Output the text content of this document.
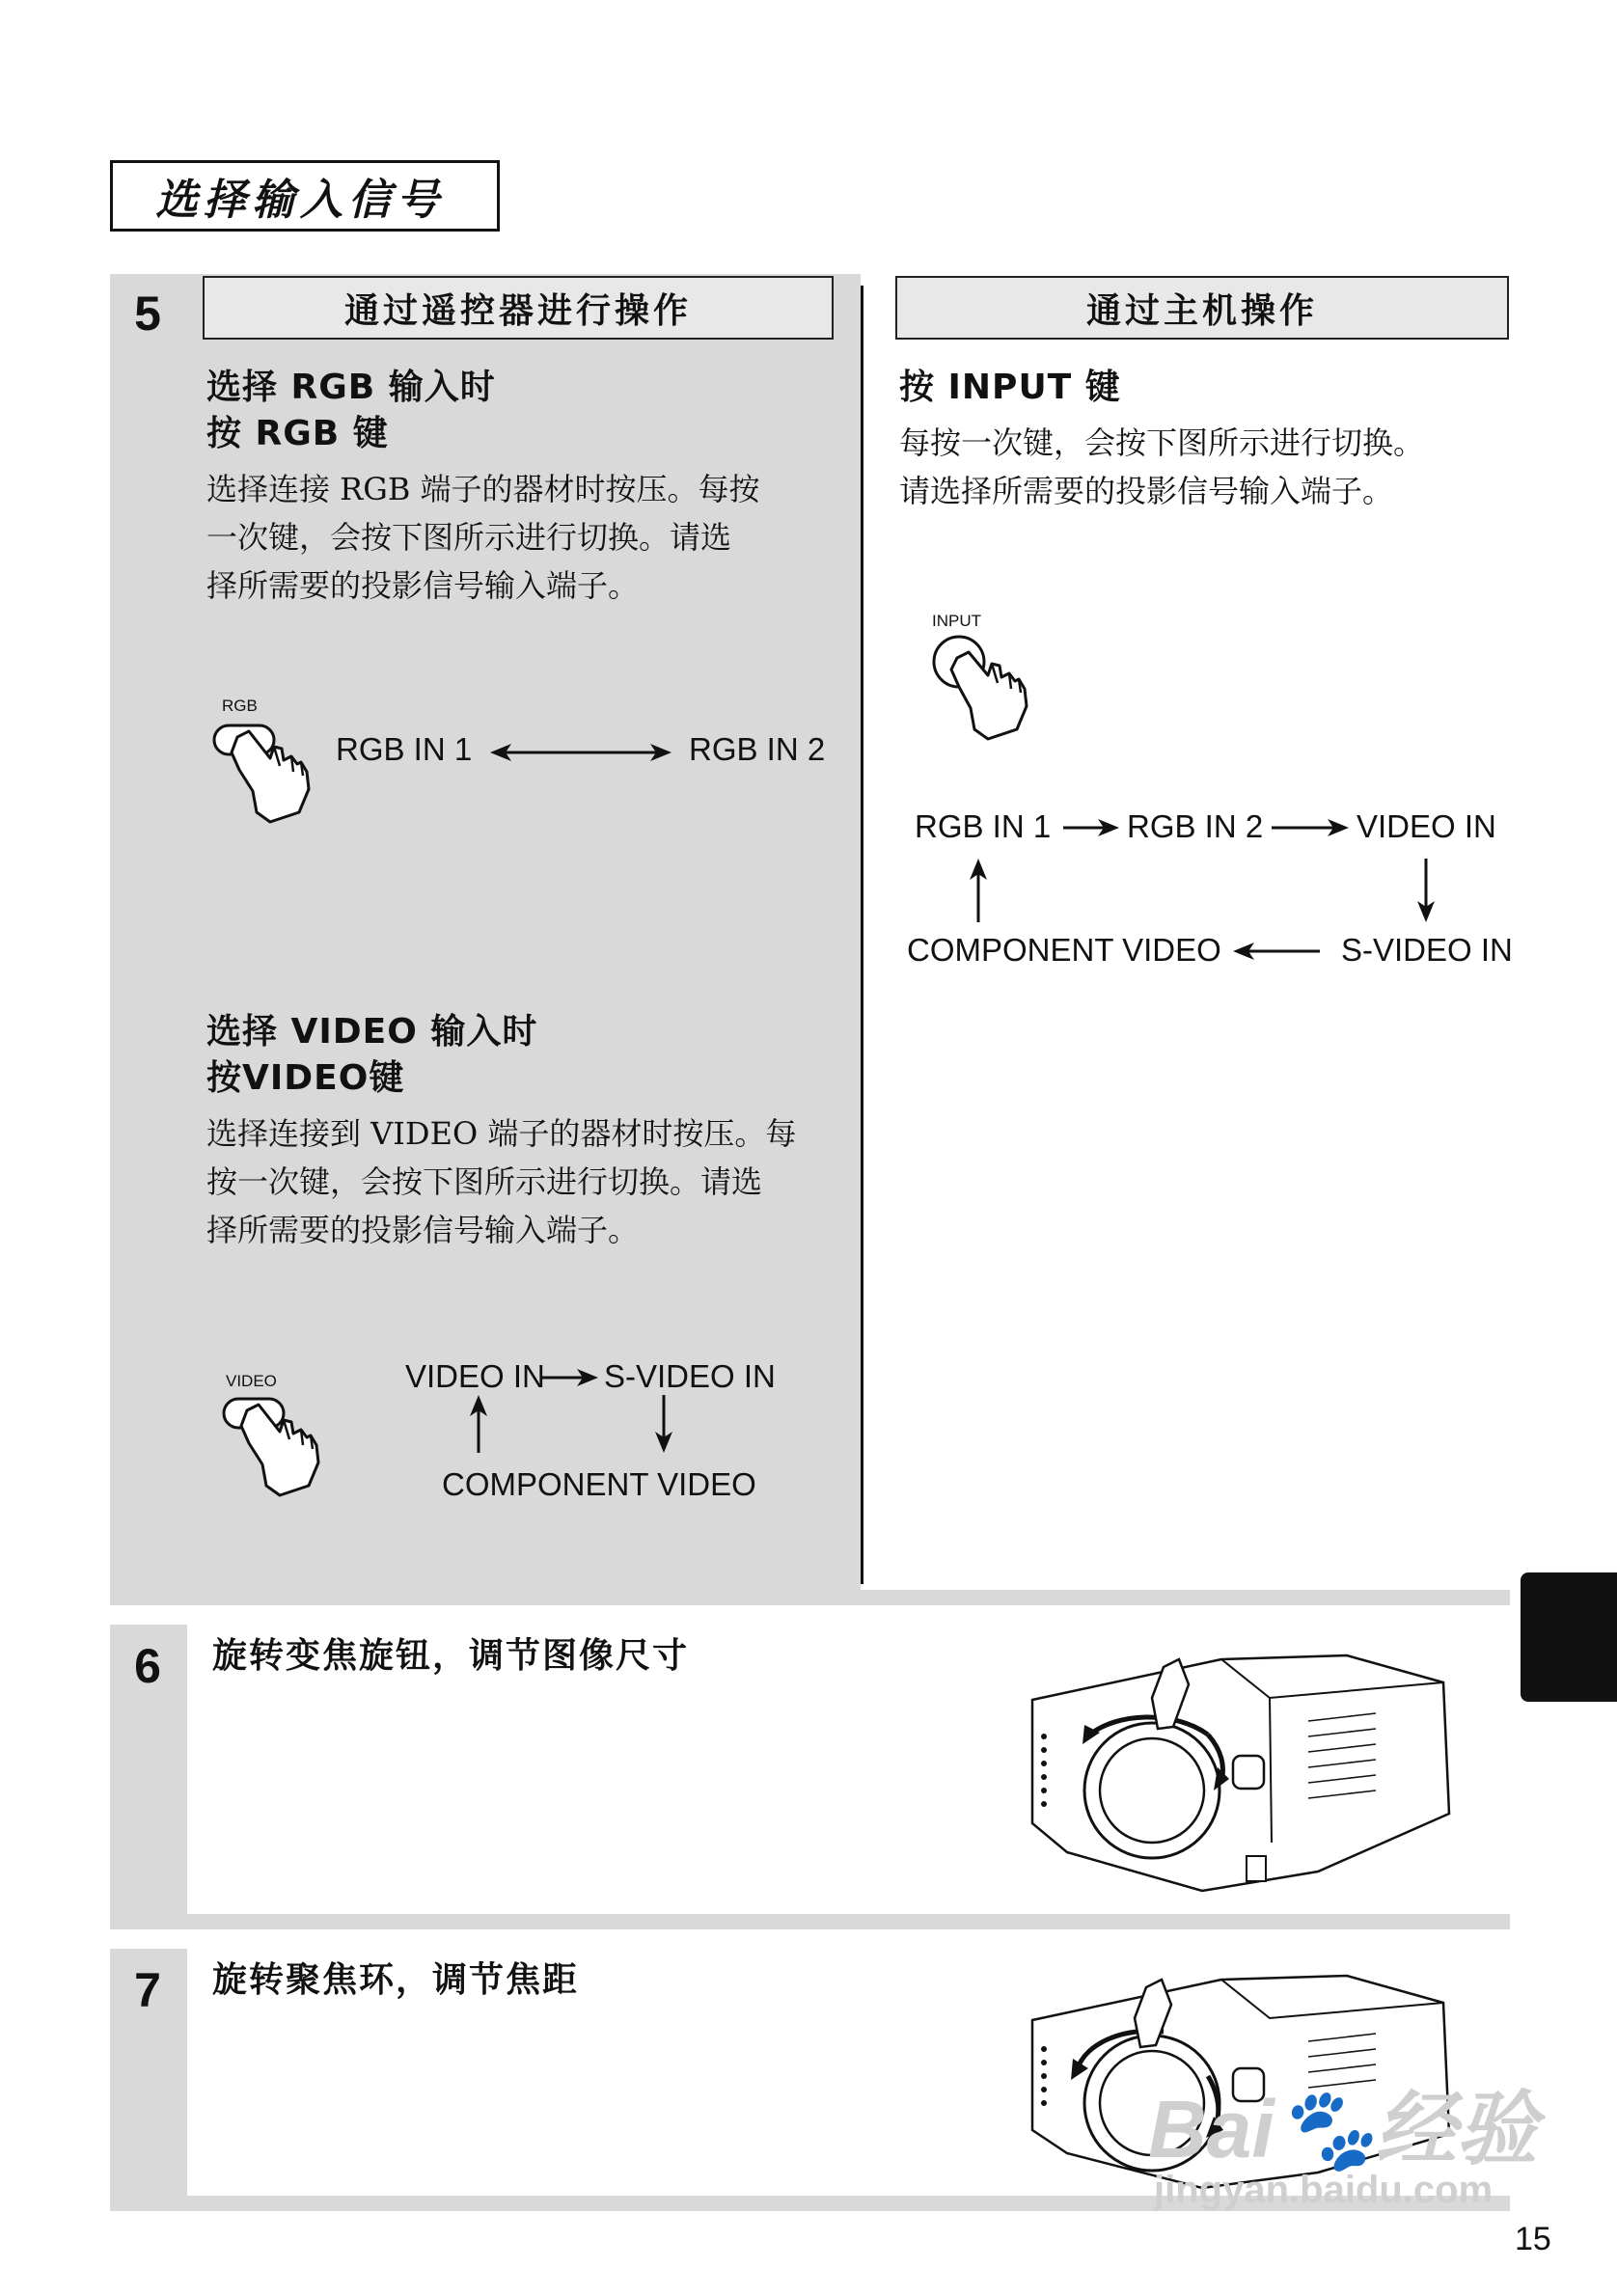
选择输入信号
5	通过遥控器进行操作	通过主机操作

选择 RGB 输入时

按 RGB 键

选择连接 RGB 端子的器材时按压。每按

一次键，会按下图所示进行切换。请选

择所需要的投影信号输入端子。

RGB
RGB IN 1	RGB IN 2

选择 VIDEO 输入时

按VIDEO键

选择连接到 VIDEO 端子的器材时按压。每

按一次键，会按下图所示进行切换。请选

择所需要的投影信号输入端子。

VIDEO	VIDEO IN S-VIDEO IN
COMPONENT VIDEO

按 INPUT 键

每按一次键，会按下图所示进行切换。

请选择所需要的投影信号输入端子。

INPUT
RGB IN 1 RGB IN 2	VIDEO IN
S-VIDEO IN
COMPONENT VIDEO
6	旋转变焦旋钮，调节图像尺寸
7	旋转聚焦环，调节焦距
Bai🐾经验
jingyan.baidu.com
15
